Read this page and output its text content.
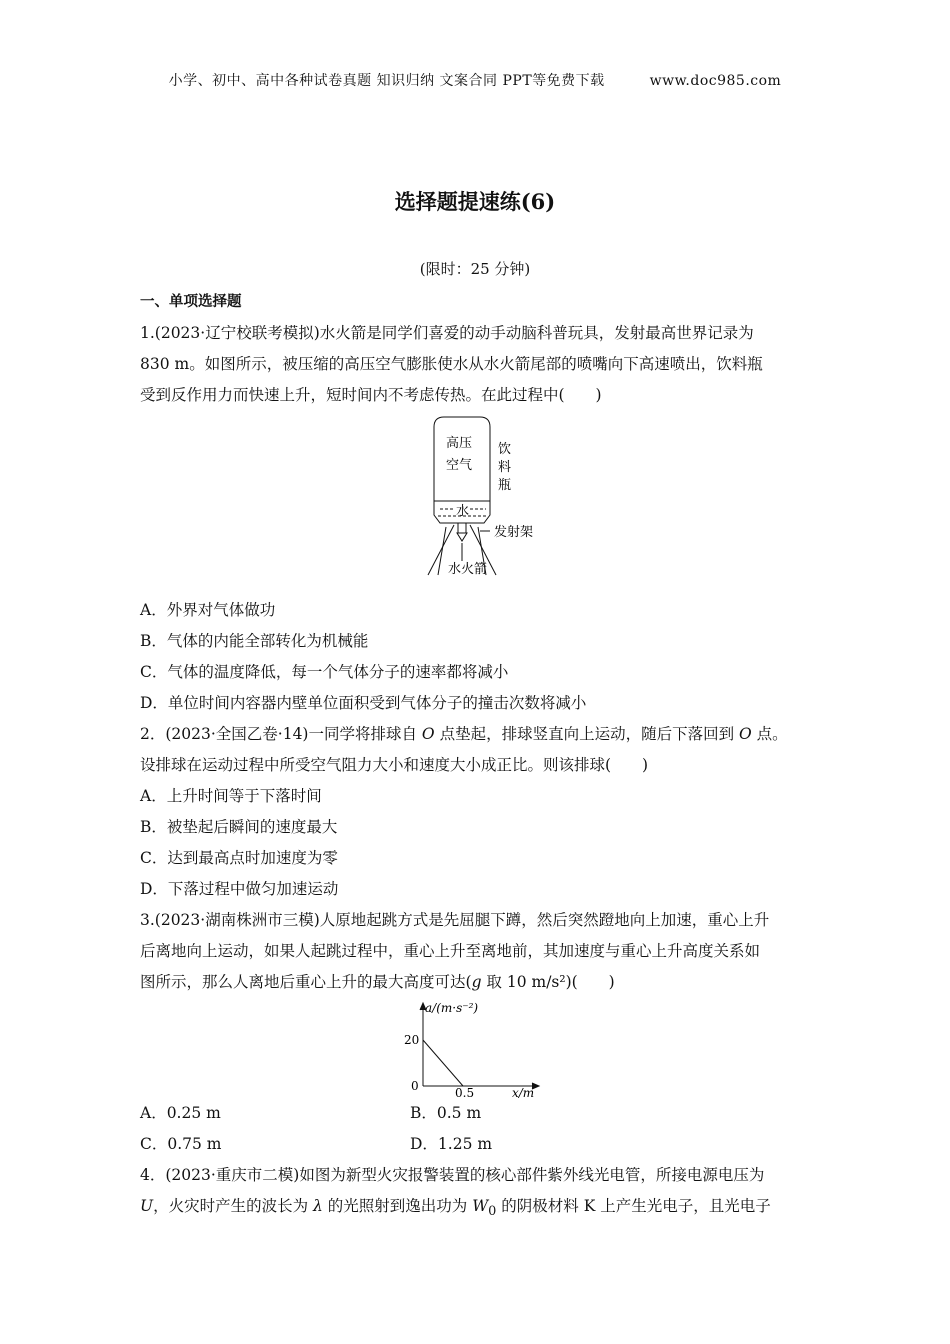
小学、初中、高中各种试卷真题 知识归纳 文案合同 PPT等免费下载	www.doc985.com
选择题提速练(6)
(限时：25 分钟)

一、单项选择题

1.(2023·辽宁校联考模拟)水火箭是同学们喜爱的动手动脑科普玩具，发射最高世界记录为

830 m。如图所示，被压缩的高压空气膨胀使水从水火箭尾部的喷嘴向下高速喷出，饮料瓶

受到反作用力而快速上升，短时间内不考虑传热。在此过程中(　　)

高压
空气
饮
料
瓶
水
发射架
水火箭

A．外界对气体做功

B．气体的内能全部转化为机械能

C．气体的温度降低，每一个气体分子的速率都将减小

D．单位时间内容器内壁单位面积受到气体分子的撞击次数将减小

2．(2023·全国乙卷·14)一同学将排球自 O 点垫起，排球竖直向上运动，随后下落回到 O 点。

设排球在运动过程中所受空气阻力大小和速度大小成正比。则该排球(　　)

A．上升时间等于下落时间

B．被垫起后瞬间的速度最大

C．达到最高点时加速度为零

D．下落过程中做匀加速运动

3.(2023·湖南株洲市三模)人原地起跳方式是先屈腿下蹲，然后突然蹬地向上加速，重心上升

后离地向上运动，如果人起跳过程中，重心上升至离地前，其加速度与重心上升高度关系如

图所示，那么人离地后重心上升的最大高度可达(g 取 10 m/s²)(　　)

a/(m·s⁻²)
20
0	0.5	x/m

A．0.25 m	B．0.5 m

C．0.75 m	D．1.25 m

4．(2023·重庆市二模)如图为新型火灾报警装置的核心部件紫外线光电管，所接电源电压为

U，火灾时产生的波长为 λ 的光照射到逸出功为 $W_0$ 的阴极材料 K 上产生光电子，且光电子
